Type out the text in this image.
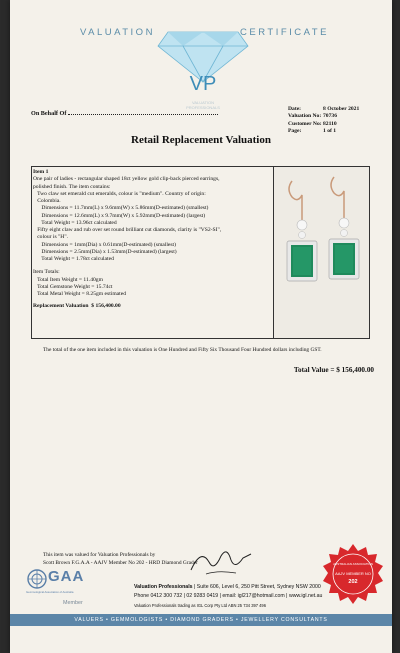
VALUATION	CERTIFICATE
VP
VALUATION
PROFESSIONALS
On Behalf Of
Date:	8 October 2021
Valuation No: 70736
Customer No: 82110
Page:	1 of 1
Retail Replacement Valuation
Item 1
One pair of ladies - rectangular shaped 18ct yellow gold clip-back pierced earrings,
polished finish. The item contains:
Two claw set emerald cut emeralds, colour is "medium". Country of origin:
Colombia.
Dimensions = 11.7mm(L) x 9.6mm(W) x 5.86mm(D-estimated) (smallest)
Dimensions = 12.6mm(L) x 9.7mm(W) x 5.92mm(D-estimated) (largest)
Total Weight = 13.96ct calculated
Fifty eight claw and rub over set round brilliant cut diamonds, clarity is "VS2-SI",
colour is "H".
Dimensions = 1mm(Dia) x 0.61mm(D-estimated) (smallest)
Dimensions = 2.5mm(Dia) x 1.53mm(D-estimated) (largest)
Total Weight = 1.78ct calculated
Item Totals:
Total Item Weight = 11.40gm
Total Gemstone Weight = 15.74ct
Total Metal Weight = 8.25gm estimated
Replacement Valuation $ 156,400.00
The total of the one item included in this valuation is One Hundred and Fifty Six Thousand Four Hundred dollars including GST.
Total Value = $ 156,400.00
This item was valued for Valuation Professionals by
Scott Brown F.G.A.A - AAJV Member No 202 - HRD Diamond Grader
GAA
Gemmological Association of Australia
Member
Valuation Professionals | Suite 606, Level 6, 250 Pitt Street, Sydney NSW 2000
Phone 0412 300 732 | 02 9283 0419 | email: igl217@hotmail.com | www.igl.net.au
Valuation Professionals trading as IGL Corp Pty Ltd ABN 25 734 397 496
AUSTRALIAN ASSOCIATION
AAJV MEMBER NO
202
VALUERS • GEMMOLOGISTS • DIAMOND GRADERS • JEWELLERY CONSULTANTS
